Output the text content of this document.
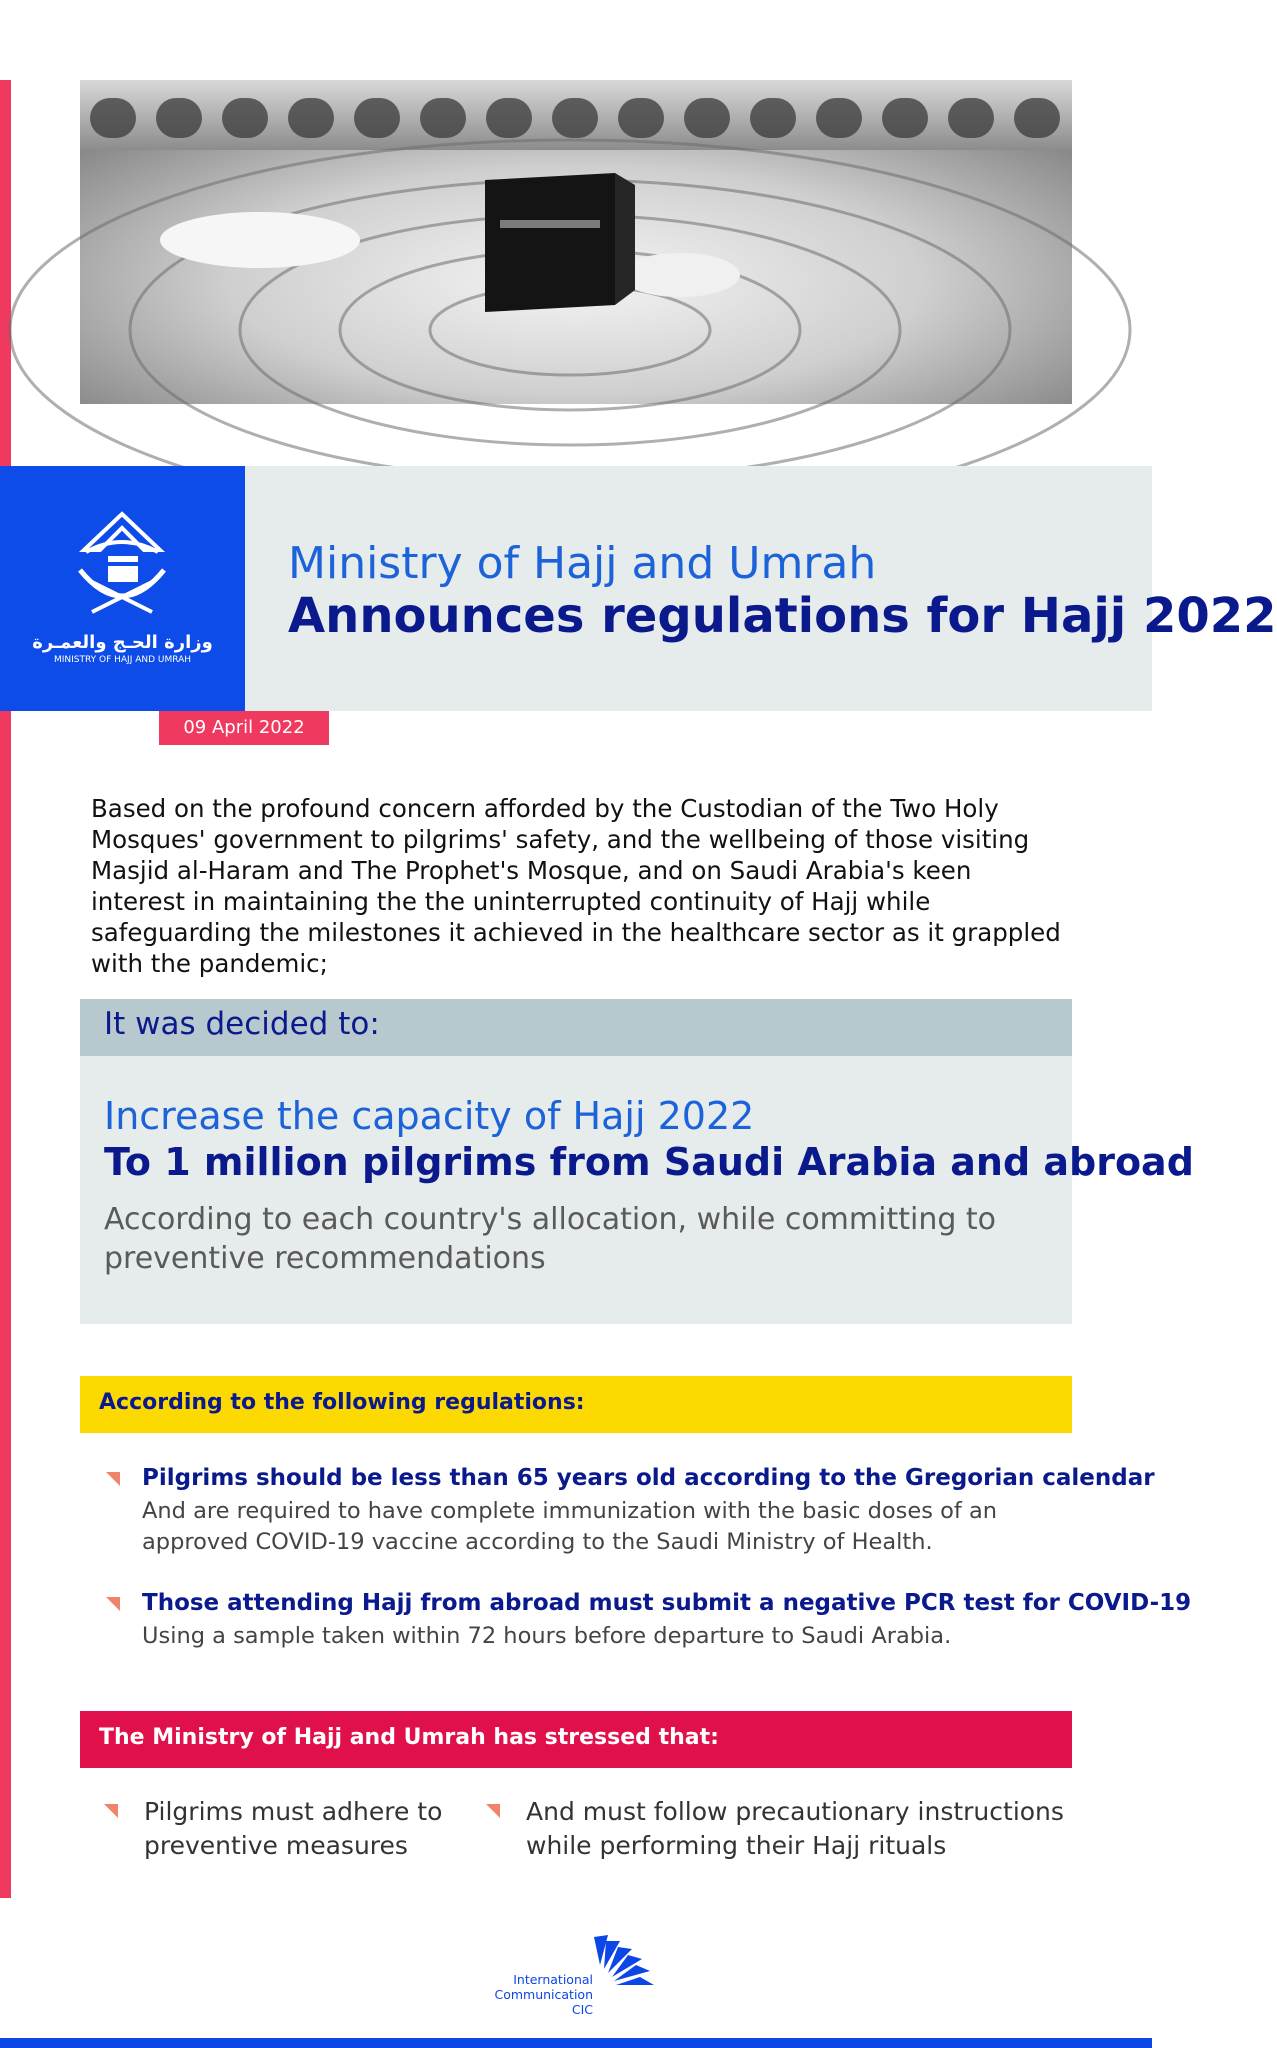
وزارة الحـج والعمـرة
MINISTRY OF HAJJ AND UMRAH
Ministry of Hajj and Umrah
Announces regulations for Hajj 2022
09 April 2022
Based on the profound concern afforded by the Custodian of the Two Holy Mosques' government to pilgrims' safety, and the wellbeing of those visiting Masjid al-Haram and The Prophet's Mosque, and on Saudi Arabia's keen interest in maintaining the the uninterrupted continuity of Hajj while safeguarding the milestones it achieved in the healthcare sector as it grappled with the pandemic;
It was decided to:
Increase the capacity of Hajj 2022
To 1 million pilgrims from Saudi Arabia and abroad
According to each country's allocation, while committing to preventive recommendations
According to the following regulations:
Pilgrims should be less than 65 years old according to the Gregorian calendar
And are required to have complete immunization with the basic doses of an approved COVID-19 vaccine according to the Saudi Ministry of Health.
Those attending Hajj from abroad must submit a negative PCR test for COVID-19
Using a sample taken within 72 hours before departure to Saudi Arabia.
The Ministry of Hajj and Umrah has stressed that:
Pilgrims must adhere to preventive measures
And must follow precautionary instructions while performing their Hajj rituals
International
Communication
CIC
